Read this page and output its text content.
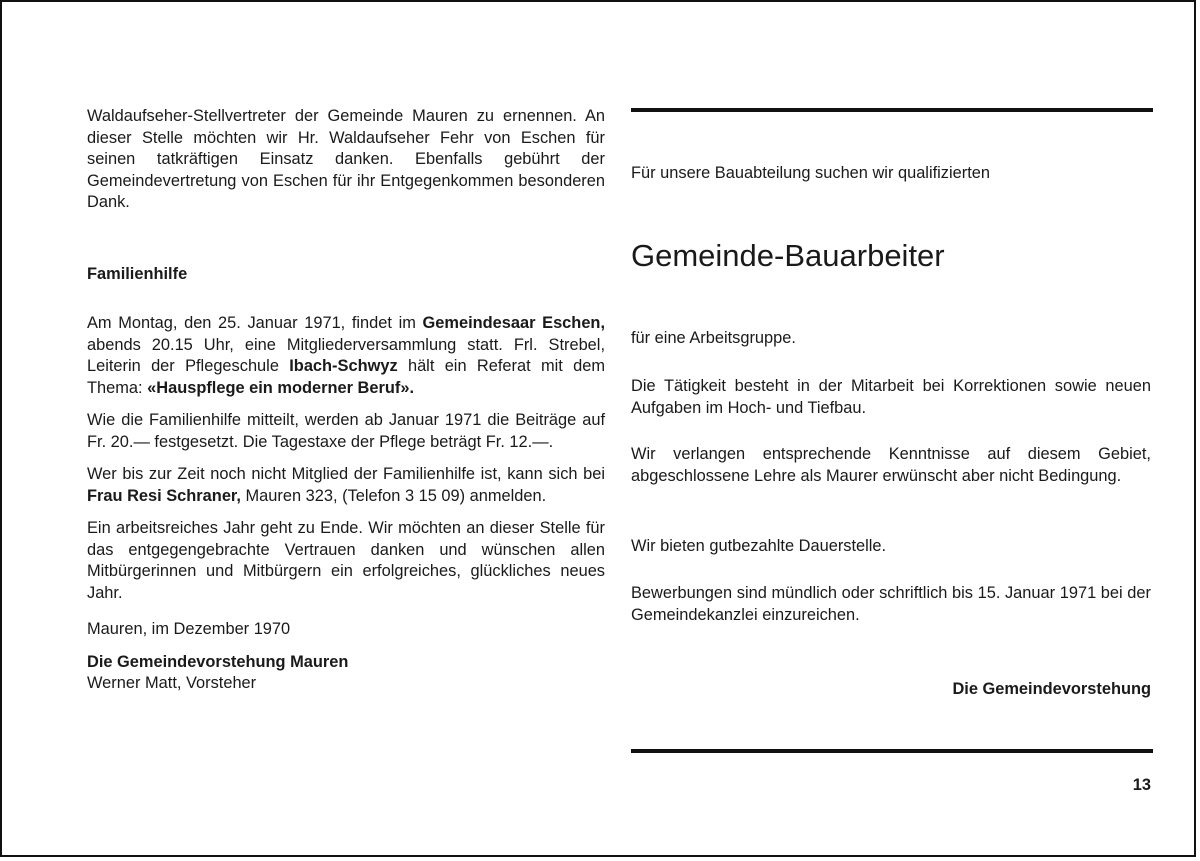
Waldaufseher-Stellvertreter der Gemeinde Mauren zu ernennen. An dieser Stelle möchten wir Hr. Waldaufseher Fehr von Eschen für seinen tatkräftigen Einsatz danken. Ebenfalls gebührt der Gemeindevertretung von Eschen für ihr Entgegenkommen besonderen Dank.

Familienhilfe

Am Montag, den 25. Januar 1971, findet im Gemeindesaar Eschen, abends 20.15 Uhr, eine Mitgliederversammlung statt. Frl. Strebel, Leiterin der Pflegeschule Ibach-Schwyz hält ein Referat mit dem Thema: «Hauspflege ein moderner Beruf».

Wie die Familienhilfe mitteilt, werden ab Januar 1971 die Beiträge auf Fr. 20.— festgesetzt. Die Tagestaxe der Pflege beträgt Fr. 12.—.

Wer bis zur Zeit noch nicht Mitglied der Familienhilfe ist, kann sich bei Frau Resi Schraner, Mauren 323, (Telefon 3 15 09) anmelden.

Ein arbeitsreiches Jahr geht zu Ende. Wir möchten an dieser Stelle für das entgegengebrachte Vertrauen danken und wünschen allen Mitbürgerinnen und Mitbürgern ein erfolgreiches, glückliches neues Jahr.

Mauren, im Dezember 1970

Die Gemeindevorstehung Mauren

Werner Matt, Vorsteher

Für unsere Bauabteilung suchen wir qualifizierten
Gemeinde-Bauarbeiter
für eine Arbeitsgruppe.
Die Tätigkeit besteht in der Mitarbeit bei Korrektionen sowie neuen Aufgaben im Hoch- und Tiefbau.
Wir verlangen entsprechende Kenntnisse auf diesem Gebiet, abgeschlossene Lehre als Maurer erwünscht aber nicht Bedingung.
Wir bieten gutbezahlte Dauerstelle.
Bewerbungen sind mündlich oder schriftlich bis 15. Januar 1971 bei der Gemeindekanzlei einzureichen.
Die Gemeindevorstehung
13
